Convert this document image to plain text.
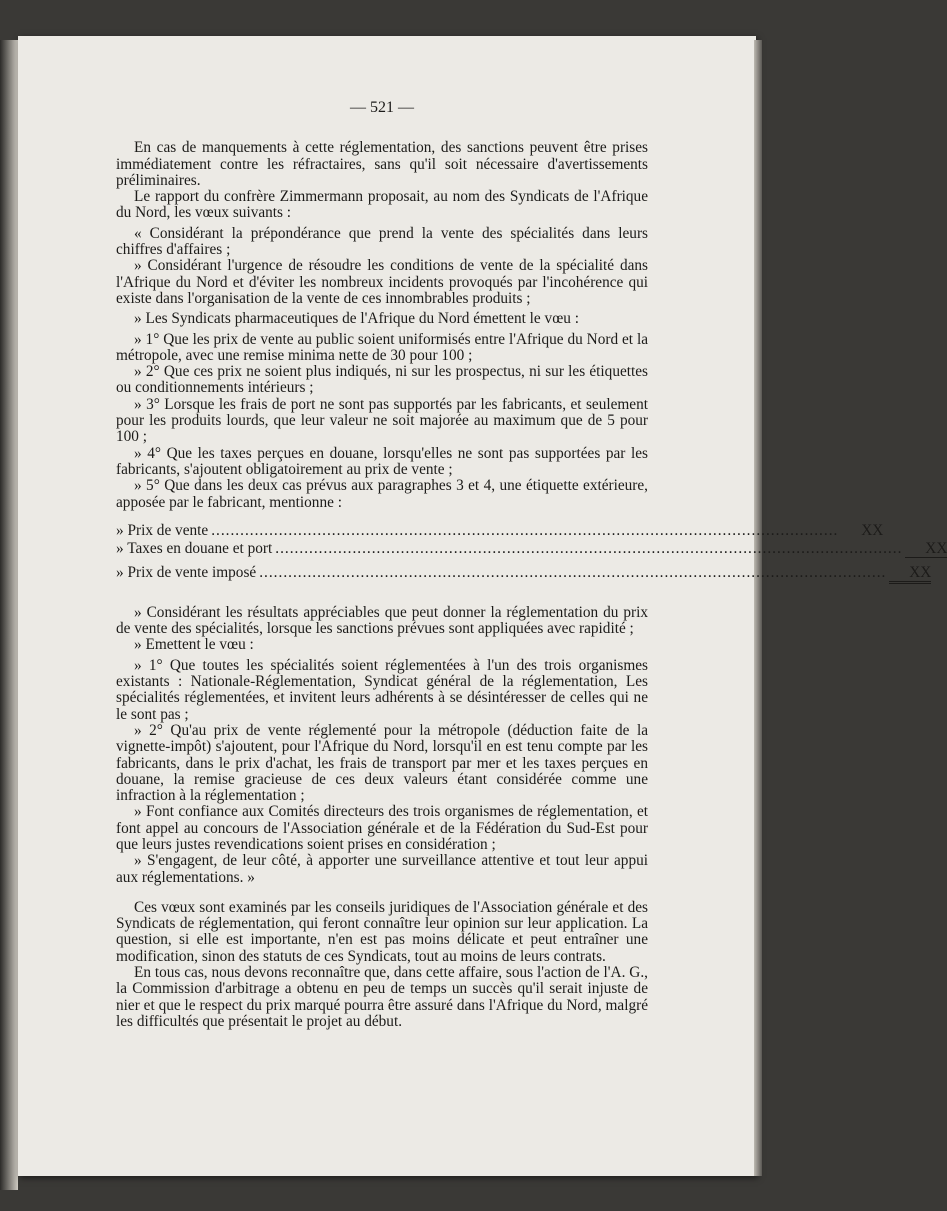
— 521 —

En cas de manquements à cette réglementation, des sanctions peuvent être prises immédiatement contre les réfractaires, sans qu'il soit nécessaire d'avertissements préliminaires.

Le rapport du confrère Zimmermann proposait, au nom des Syndicats de l'Afrique du Nord, les vœux suivants :

« Considérant la prépondérance que prend la vente des spécialités dans leurs chiffres d'affaires ;

» Considérant l'urgence de résoudre les conditions de vente de la spécialité dans l'Afrique du Nord et d'éviter les nombreux incidents provoqués par l'incohérence qui existe dans l'organisation de la vente de ces innombrables produits ;

» Les Syndicats pharmaceutiques de l'Afrique du Nord émettent le vœu :

» 1° Que les prix de vente au public soient uniformisés entre l'Afrique du Nord et la métropole, avec une remise minima nette de 30 pour 100 ;

» 2° Que ces prix ne soient plus indiqués, ni sur les prospectus, ni sur les étiquettes ou conditionnements intérieurs ;

» 3° Lorsque les frais de port ne sont pas supportés par les fabricants, et seulement pour les produits lourds, que leur valeur ne soit majorée au maximum que de 5 pour 100 ;

» 4° Que les taxes perçues en douane, lorsqu'elles ne sont pas supportées par les fabricants, s'ajoutent obligatoirement au prix de vente ;

» 5° Que dans les deux cas prévus aux paragraphes 3 et 4, une étiquette extérieure, apposée par le fabricant, mentionne :

» Prix de vente ..................................................................................................................................	XX
» Taxes en douane et port ..................................................................................................................................	XX
» Prix de vente imposé ..................................................................................................................................	XX

» Considérant les résultats appréciables que peut donner la réglementation du prix de vente des spécialités, lorsque les sanctions prévues sont appliquées avec rapidité ;

» Emettent le vœu :

» 1° Que toutes les spécialités soient réglementées à l'un des trois organismes existants : Nationale-Réglementation, Syndicat général de la réglementation, Les spécialités réglementées, et invitent leurs adhérents à se désintéresser de celles qui ne le sont pas ;

» 2° Qu'au prix de vente réglementé pour la métropole (déduction faite de la vignette-impôt) s'ajoutent, pour l'Afrique du Nord, lorsqu'il en est tenu compte par les fabricants, dans le prix d'achat, les frais de transport par mer et les taxes perçues en douane, la remise gracieuse de ces deux valeurs étant considérée comme une infraction à la réglementation ;

» Font confiance aux Comités directeurs des trois organismes de réglementation, et font appel au concours de l'Association générale et de la Fédération du Sud-Est pour que leurs justes revendications soient prises en considération ;

» S'engagent, de leur côté, à apporter une surveillance attentive et tout leur appui aux réglementations. »

Ces vœux sont examinés par les conseils juridiques de l'Association générale et des Syndicats de réglementation, qui feront connaître leur opinion sur leur application. La question, si elle est importante, n'en est pas moins délicate et peut entraîner une modification, sinon des statuts de ces Syndicats, tout au moins de leurs contrats.

En tous cas, nous devons reconnaître que, dans cette affaire, sous l'action de l'A. G., la Commission d'arbitrage a obtenu en peu de temps un succès qu'il serait injuste de nier et que le respect du prix marqué pourra être assuré dans l'Afrique du Nord, malgré les difficultés que présentait le projet au début.
